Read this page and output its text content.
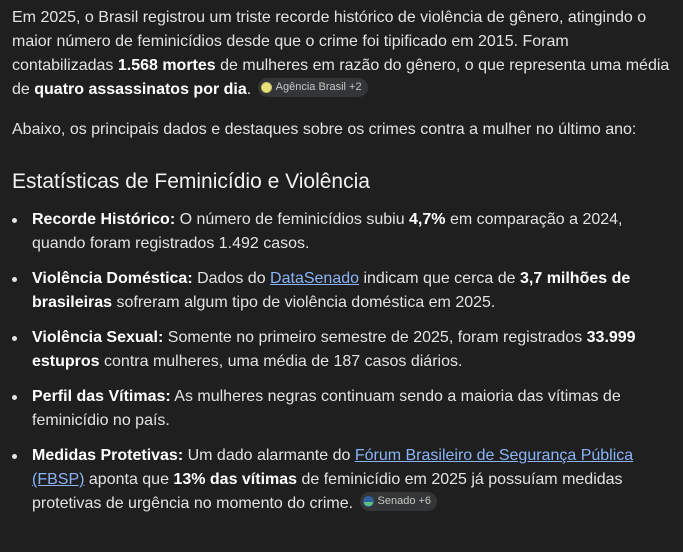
Em 2025, o Brasil registrou um triste recorde histórico de violência de gênero, atingindo o maior número de feminicídios desde que o crime foi tipificado em 2015. Foram contabilizadas 1.568 mortes de mulheres em razão do gênero, o que representa uma média de quatro assassinatos por dia. Agência Brasil +2

Abaixo, os principais dados e destaques sobre os crimes contra a mulher no último ano:

Estatísticas de Feminicídio e Violência
Recorde Histórico: O número de feminicídios subiu 4,7% em comparação a 2024, quando foram registrados 1.492 casos.
Violência Doméstica: Dados do DataSenado indicam que cerca de 3,7 milhões de brasileiras sofreram algum tipo de violência doméstica em 2025.
Violência Sexual: Somente no primeiro semestre de 2025, foram registrados 33.999 estupros contra mulheres, uma média de 187 casos diários.
Perfil das Vítimas: As mulheres negras continuam sendo a maioria das vítimas de feminicídio no país.
Medidas Protetivas: Um dado alarmante do Fórum Brasileiro de Segurança Pública (FBSP) aponta que 13% das vítimas de feminicídio em 2025 já possuíam medidas protetivas de urgência no momento do crime. Senado +6
